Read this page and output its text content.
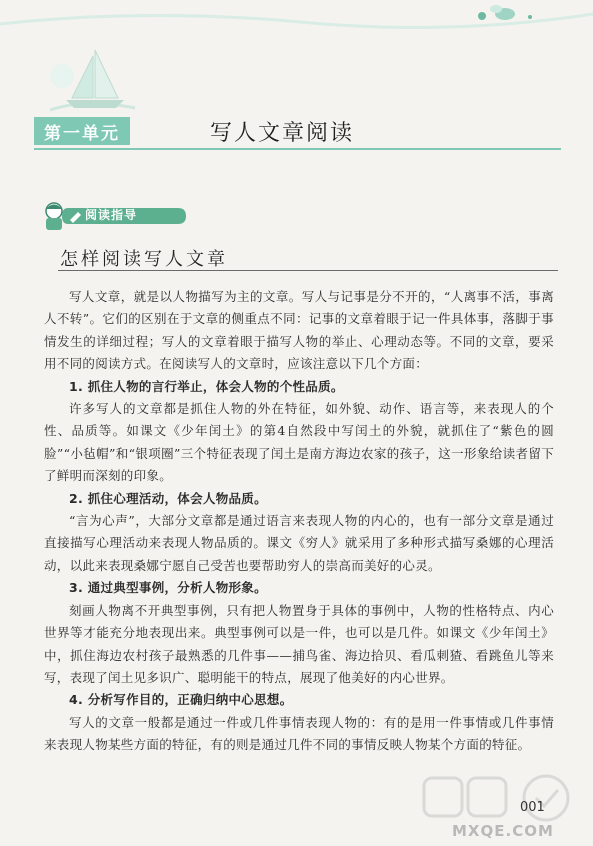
第一单元	写人文章阅读
阅读指导
怎样阅读写人文章

写人文章，就是以人物描写为主的文章。写人与记事是分不开的，“人离事不活，事离人不转”。它们的区别在于文章的侧重点不同：记事的文章着眼于记一件具体事，落脚于事情发生的详细过程；写人的文章着眼于描写人物的举止、心理动态等。不同的文章，要采用不同的阅读方式。在阅读写人的文章时，应该注意以下几个方面：

1. 抓住人物的言行举止，体会人物的个性品质。

许多写人的文章都是抓住人物的外在特征，如外貌、动作、语言等，来表现人的个性、品质等。如课文《少年闰土》的第4自然段中写闰土的外貌，就抓住了“紫色的圆脸”“小毡帽”和“银项圈”三个特征表现了闰土是南方海边农家的孩子，这一形象给读者留下了鲜明而深刻的印象。

2. 抓住心理活动，体会人物品质。

“言为心声”，大部分文章都是通过语言来表现人物的内心的，也有一部分文章是通过直接描写心理活动来表现人物品质的。课文《穷人》就采用了多种形式描写桑娜的心理活动，以此来表现桑娜宁愿自己受苦也要帮助穷人的崇高而美好的心灵。

3. 通过典型事例，分析人物形象。

刻画人物离不开典型事例，只有把人物置身于具体的事例中，人物的性格特点、内心世界等才能充分地表现出来。典型事例可以是一件，也可以是几件。如课文《少年闰土》中，抓住海边农村孩子最熟悉的几件事——捕鸟雀、海边拾贝、看瓜刺猹、看跳鱼儿等来写，表现了闰土见多识广、聪明能干的特点，展现了他美好的内心世界。

4. 分析写作目的，正确归纳中心思想。

写人的文章一般都是通过一件或几件事情表现人物的：有的是用一件事情或几件事情来表现人物某些方面的特征，有的则是通过几件不同的事情反映人物某个方面的特征。

001
MXQE.COM
